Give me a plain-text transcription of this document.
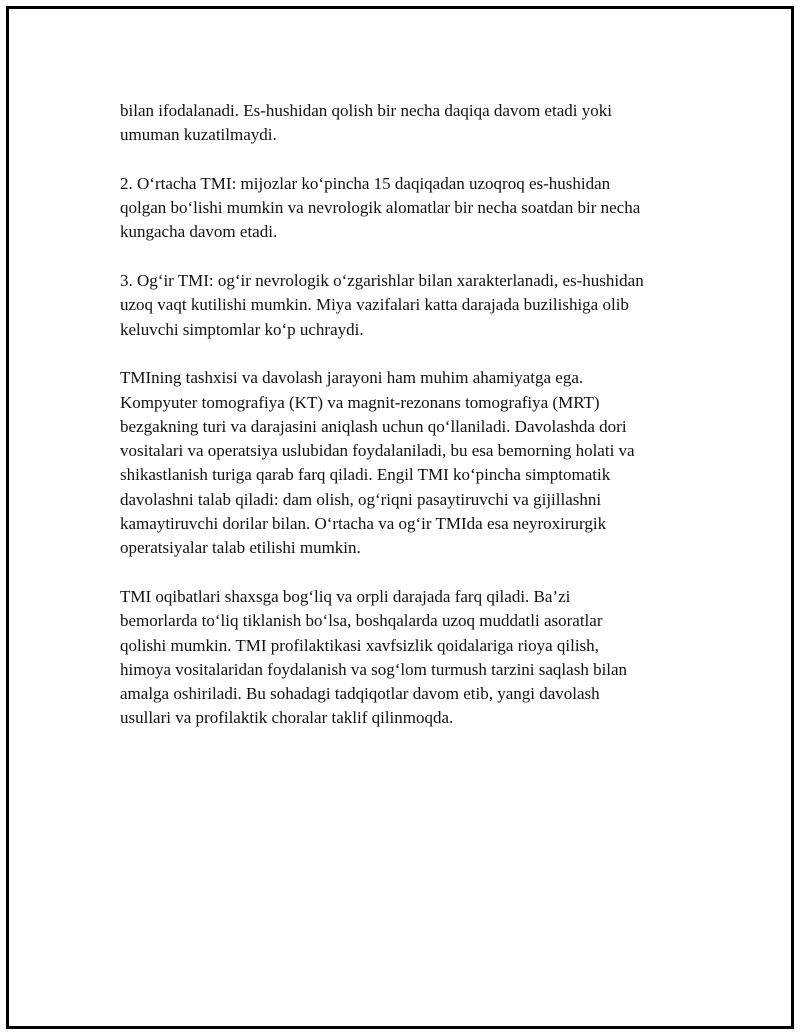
bilan ifodalanadi. Es-hushidan qolish bir necha daqiqa davom etadi yoki
umuman kuzatilmaydi.

2. O‘rtacha TMI: mijozlar ko‘pincha 15 daqiqadan uzoqroq es-hushidan
qolgan bo‘lishi mumkin va nevrologik alomatlar bir necha soatdan bir necha
kungacha davom etadi.

3. Og‘ir TMI: og‘ir nevrologik o‘zgarishlar bilan xarakterlanadi, es-hushidan
uzoq vaqt kutilishi mumkin. Miya vazifalari katta darajada buzilishiga olib
keluvchi simptomlar ko‘p uchraydi.

TMIning tashxisi va davolash jarayoni ham muhim ahamiyatga ega.
Kompyuter tomografiya (KT) va magnit-rezonans tomografiya (MRT)
bezgakning turi va darajasini aniqlash uchun qo‘llaniladi. Davolashda dori
vositalari va operatsiya uslubidan foydalaniladi, bu esa bemorning holati va
shikastlanish turiga qarab farq qiladi. Engil TMI ko‘pincha simptomatik
davolashni talab qiladi: dam olish, og‘riqni pasaytiruvchi va gijillashni
kamaytiruvchi dorilar bilan. O‘rtacha va og‘ir TMIda esa neyroxirurgik
operatsiyalar talab etilishi mumkin.

TMI oqibatlari shaxsga bog‘liq va orpli darajada farq qiladi. Ba’zi
bemorlarda to‘liq tiklanish bo‘lsa, boshqalarda uzoq muddatli asoratlar
qolishi mumkin. TMI profilaktikasi xavfsizlik qoidalariga rioya qilish,
himoya vositalaridan foydalanish va sog‘lom turmush tarzini saqlash bilan
amalga oshiriladi. Bu sohadagi tadqiqotlar davom etib, yangi davolash
usullari va profilaktik choralar taklif qilinmoqda.
